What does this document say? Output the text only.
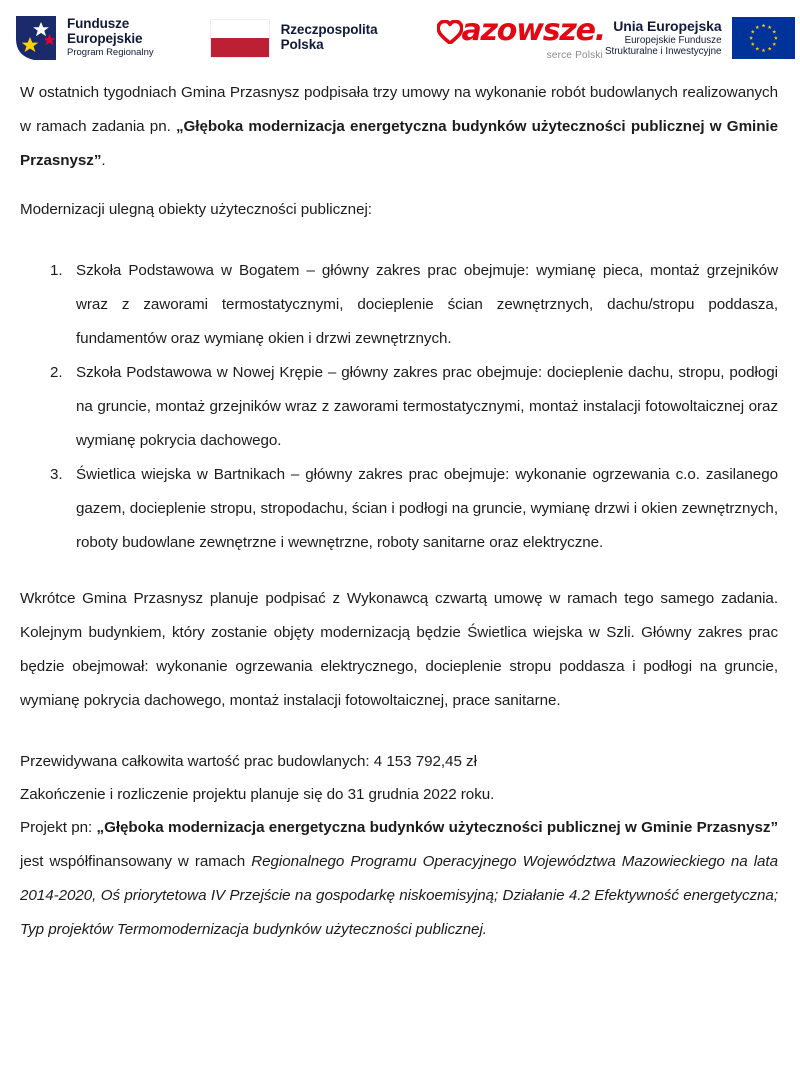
Fundusze
Europejskie
Program Regionalny
Rzeczpospolita
Polska	azowsze.
serce Polski
Unia Europejska
Europejskie Fundusze
Strukturalne i Inwestycyjne

W ostatnich tygodniach Gmina Przasnysz podpisała trzy umowy na wykonanie robót budowlanych realizowanych w ramach zadania pn. „Głęboka modernizacja energetyczna budynków użyteczności publicznej w Gminie Przasnysz”.

Modernizacji ulegną obiekty użyteczności publicznej:

Szkoła Podstawowa w Bogatem – główny zakres prac obejmuje: wymianę pieca, montaż grzejników wraz z zaworami termostatycznymi, docieplenie ścian zewnętrznych, dachu/stropu poddasza, fundamentów oraz wymianę okien i drzwi zewnętrznych.
Szkoła Podstawowa w Nowej Krępie – główny zakres prac obejmuje: docieplenie dachu, stropu, podłogi na gruncie, montaż grzejników wraz z zaworami termostatycznymi, montaż instalacji fotowoltaicznej oraz wymianę pokrycia dachowego.
Świetlica wiejska w Bartnikach – główny zakres prac obejmuje: wykonanie ogrzewania c.o. zasilanego gazem, docieplenie stropu, stropodachu, ścian i podłogi na gruncie, wymianę drzwi i okien zewnętrznych, roboty budowlane zewnętrzne i wewnętrzne, roboty sanitarne oraz elektryczne.

Wkrótce Gmina Przasnysz planuje podpisać z Wykonawcą czwartą umowę w ramach tego samego zadania. Kolejnym budynkiem, który zostanie objęty modernizacją będzie Świetlica wiejska w Szli. Główny zakres prac będzie obejmował: wykonanie ogrzewania elektrycznego, docieplenie stropu poddasza i podłogi na gruncie, wymianę pokrycia dachowego, montaż instalacji fotowoltaicznej, prace sanitarne.

Przewidywana całkowita wartość prac budowlanych: 4 153 792,45 zł

Zakończenie i rozliczenie projektu planuje się do 31 grudnia 2022 roku.

Projekt pn: „Głęboka modernizacja energetyczna budynków użyteczności publicznej w Gminie Przasnysz” jest współfinansowany w ramach Regionalnego Programu Operacyjnego Województwa Mazowieckiego na lata 2014-2020, Oś priorytetowa IV Przejście na gospodarkę niskoemisyjną; Działanie 4.2 Efektywność energetyczna; Typ projektów Termomodernizacja budynków użyteczności publicznej.
